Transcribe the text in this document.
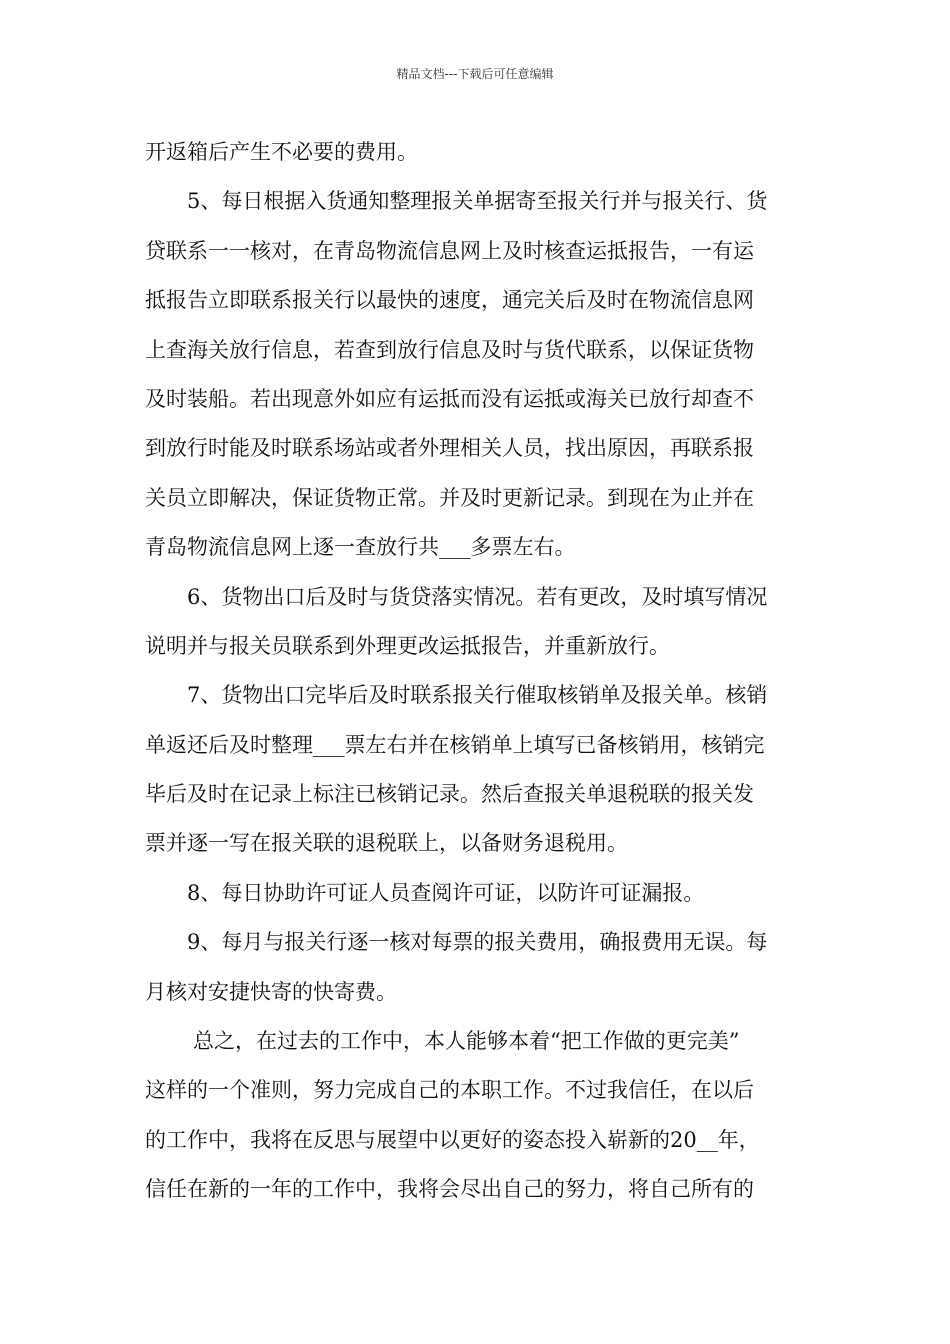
精品文档---下载后可任意编辑
开返箱后产生不必要的费用。
5、每日根据入货通知整理报关单据寄至报关行并与报关行、货
贷联系一一核对，在青岛物流信息网上及时核查运抵报告，一有运
抵报告立即联系报关行以最快的速度，通完关后及时在物流信息网
上查海关放行信息，若查到放行信息及时与货代联系，以保证货物
及时装船。若出现意外如应有运抵而没有运抵或海关已放行却查不
到放行时能及时联系场站或者外理相关人员，找出原因，再联系报
关员立即解决，保证货物正常。并及时更新记录。到现在为止并在
青岛物流信息网上逐一查放行共___多票左右。
6、货物出口后及时与货贷落实情况。若有更改，及时填写情况
说明并与报关员联系到外理更改运抵报告，并重新放行。
7、货物出口完毕后及时联系报关行催取核销单及报关单。核销
单返还后及时整理___票左右并在核销单上填写已备核销用，核销完
毕后及时在记录上标注已核销记录。然后查报关单退税联的报关发
票并逐一写在报关联的退税联上，以备财务退税用。
8、每日协助许可证人员查阅许可证，以防许可证漏报。
9、每月与报关行逐一核对每票的报关费用，确报费用无误。每
月核对安捷快寄的快寄费。
总之，在过去的工作中，本人能够本着“把工作做的更完美”
这样的一个准则，努力完成自己的本职工作。不过我信任，在以后
的工作中，我将在反思与展望中以更好的姿态投入崭新的20__年，
信任在新的一年的工作中，我将会尽出自己的努力，将自己所有的
